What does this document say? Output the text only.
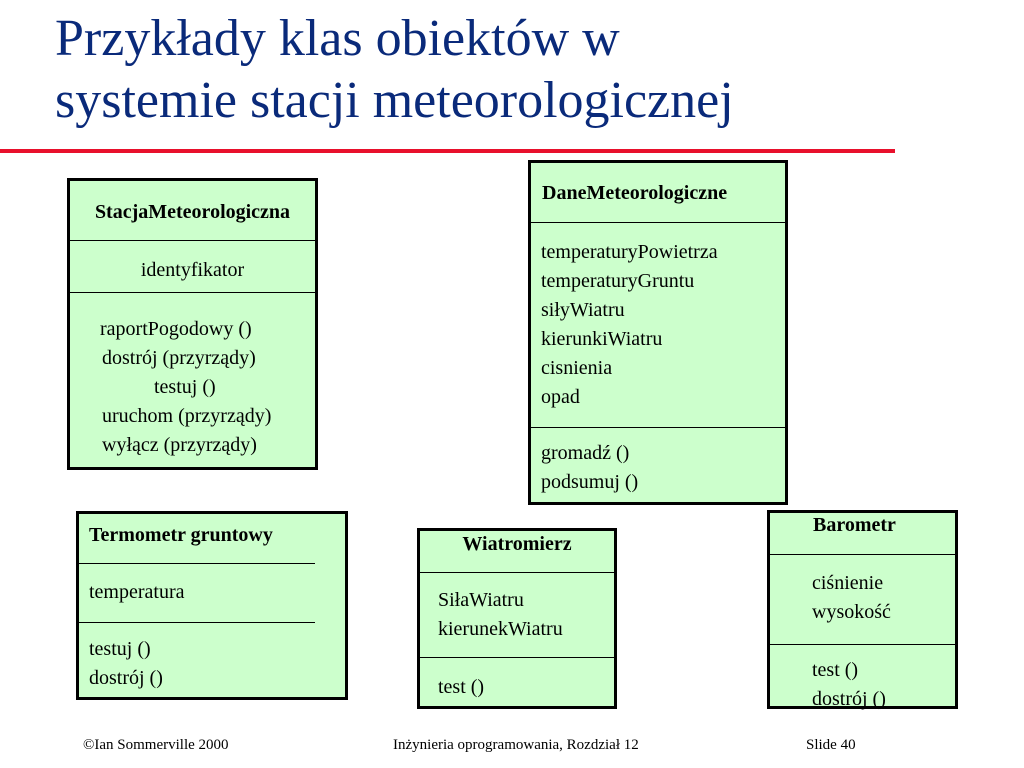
Przykłady klas obiektów w
systemie stacji meteorologicznej
StacjaMeteorologiczna
identyfikator
raportPogodowy ()
dostrój (przyrządy)
testuj ()
uruchom (przyrządy)
wyłącz (przyrządy)
DaneMeteorologiczne
temperaturyPowietrza
temperaturyGruntu
siłyWiatru
kierunkiWiatru
cisnienia
opad
gromadź ()
podsumuj ()
Termometr gruntowy
temperatura
testuj ()
dostrój ()
Wiatromierz
SiłaWiatru
kierunekWiatru
test ()
Barometr
ciśnienie
wysokość
test ()
dostrój ()
©Ian Sommerville 2000	Inżynieria oprogramowania, Rozdział 12	Slide 40
